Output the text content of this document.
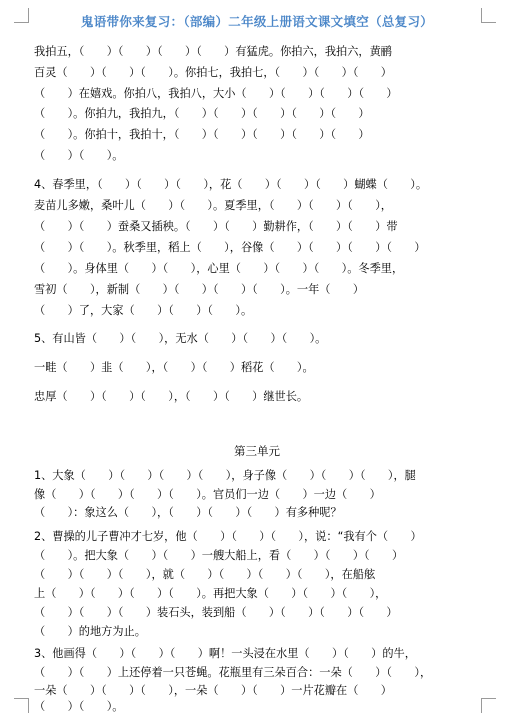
鬼语带你来复习：（部编）二年级上册语文课文填空（总复习）
我拍五，（　　）（　　）（　　）（　　）有猛虎。你拍六，我拍六，黄鹂
百灵（　　）（　　）（　　）。你拍七，我拍七，（　　）（　　）（　　）
（　　）在嬉戏。你拍八，我拍八，大小（　　）（　　）（　　）（　　）
（　　）。你拍九，我拍九，（　　）（　　）（　　）（　　）（　　）
（　　）。你拍十，我拍十，（　　）（　　）（　　）（　　）（　　）
（　　）（　　）。
4、春季里，（　　）（　　）（　　），花（　　）（　　）（　　）蝴蝶（　　）。
麦苗儿多嫩，桑叶儿（　　）（　　）。夏季里，（　　）（　　）（　　），
（　　）（　　）蚕桑又插秧。（　　）（　　）勤耕作，（　　）（　　）带
（　　）（　　）。秋季里，稻上（　　），谷像（　　）（　　）（　　）（　　）
（　　）。身体里（　　）（　　），心里（　　）（　　）（　　）。冬季里，
雪初（　　），新制（　　）（　　）（　　）（　　）。一年（　　）
（　　）了，大家（　　）（　　）（　　）。
5、有山皆（　　）（　　），无水（　　）（　　）（　　）。
一畦（　　）韭（　　），（　　）（　　）稻花（　　）。
忠厚（　　）（　　）（　　），（　　）（　　）继世长。
第三单元
1、大象（　　）（　　）（　　）（　　），身子像（　　）（　　）（　　），腿
像（　　）（　　）（　　）（　　）。官员们一边（　　）一边（　　）
（　　）：象这么（　　），（　　）（　　）（　　）有多种呢？
2、曹操的儿子曹冲才七岁，他（　　）（　　）（　　），说：“我有个（　　）
（　　）。把大象（　　）（　　）一艘大船上，看（　　）（　　）（　　）
（　　）（　　）（　　），就（　　）（　　）（　　）（　　），在船舷
上（　　）（　　）（　　）（　　）。再把大象（　　）（　　）（　　），
（　　）（　　）（　　）装石头，装到船（　　）（　　）（　　）（　　）
（　　）的地方为止。
3、他画得（　　）（　　）（　　）啊！一头浸在水里（　　）（　　）的牛，
（　　）（　　）上还停着一只苍蝇。花瓶里有三朵百合：一朵（　　）（　　），
一朵（　　）（　　）（　　），一朵（　　）（　　）一片花瓣在（　　）
（　　）（　　）。
